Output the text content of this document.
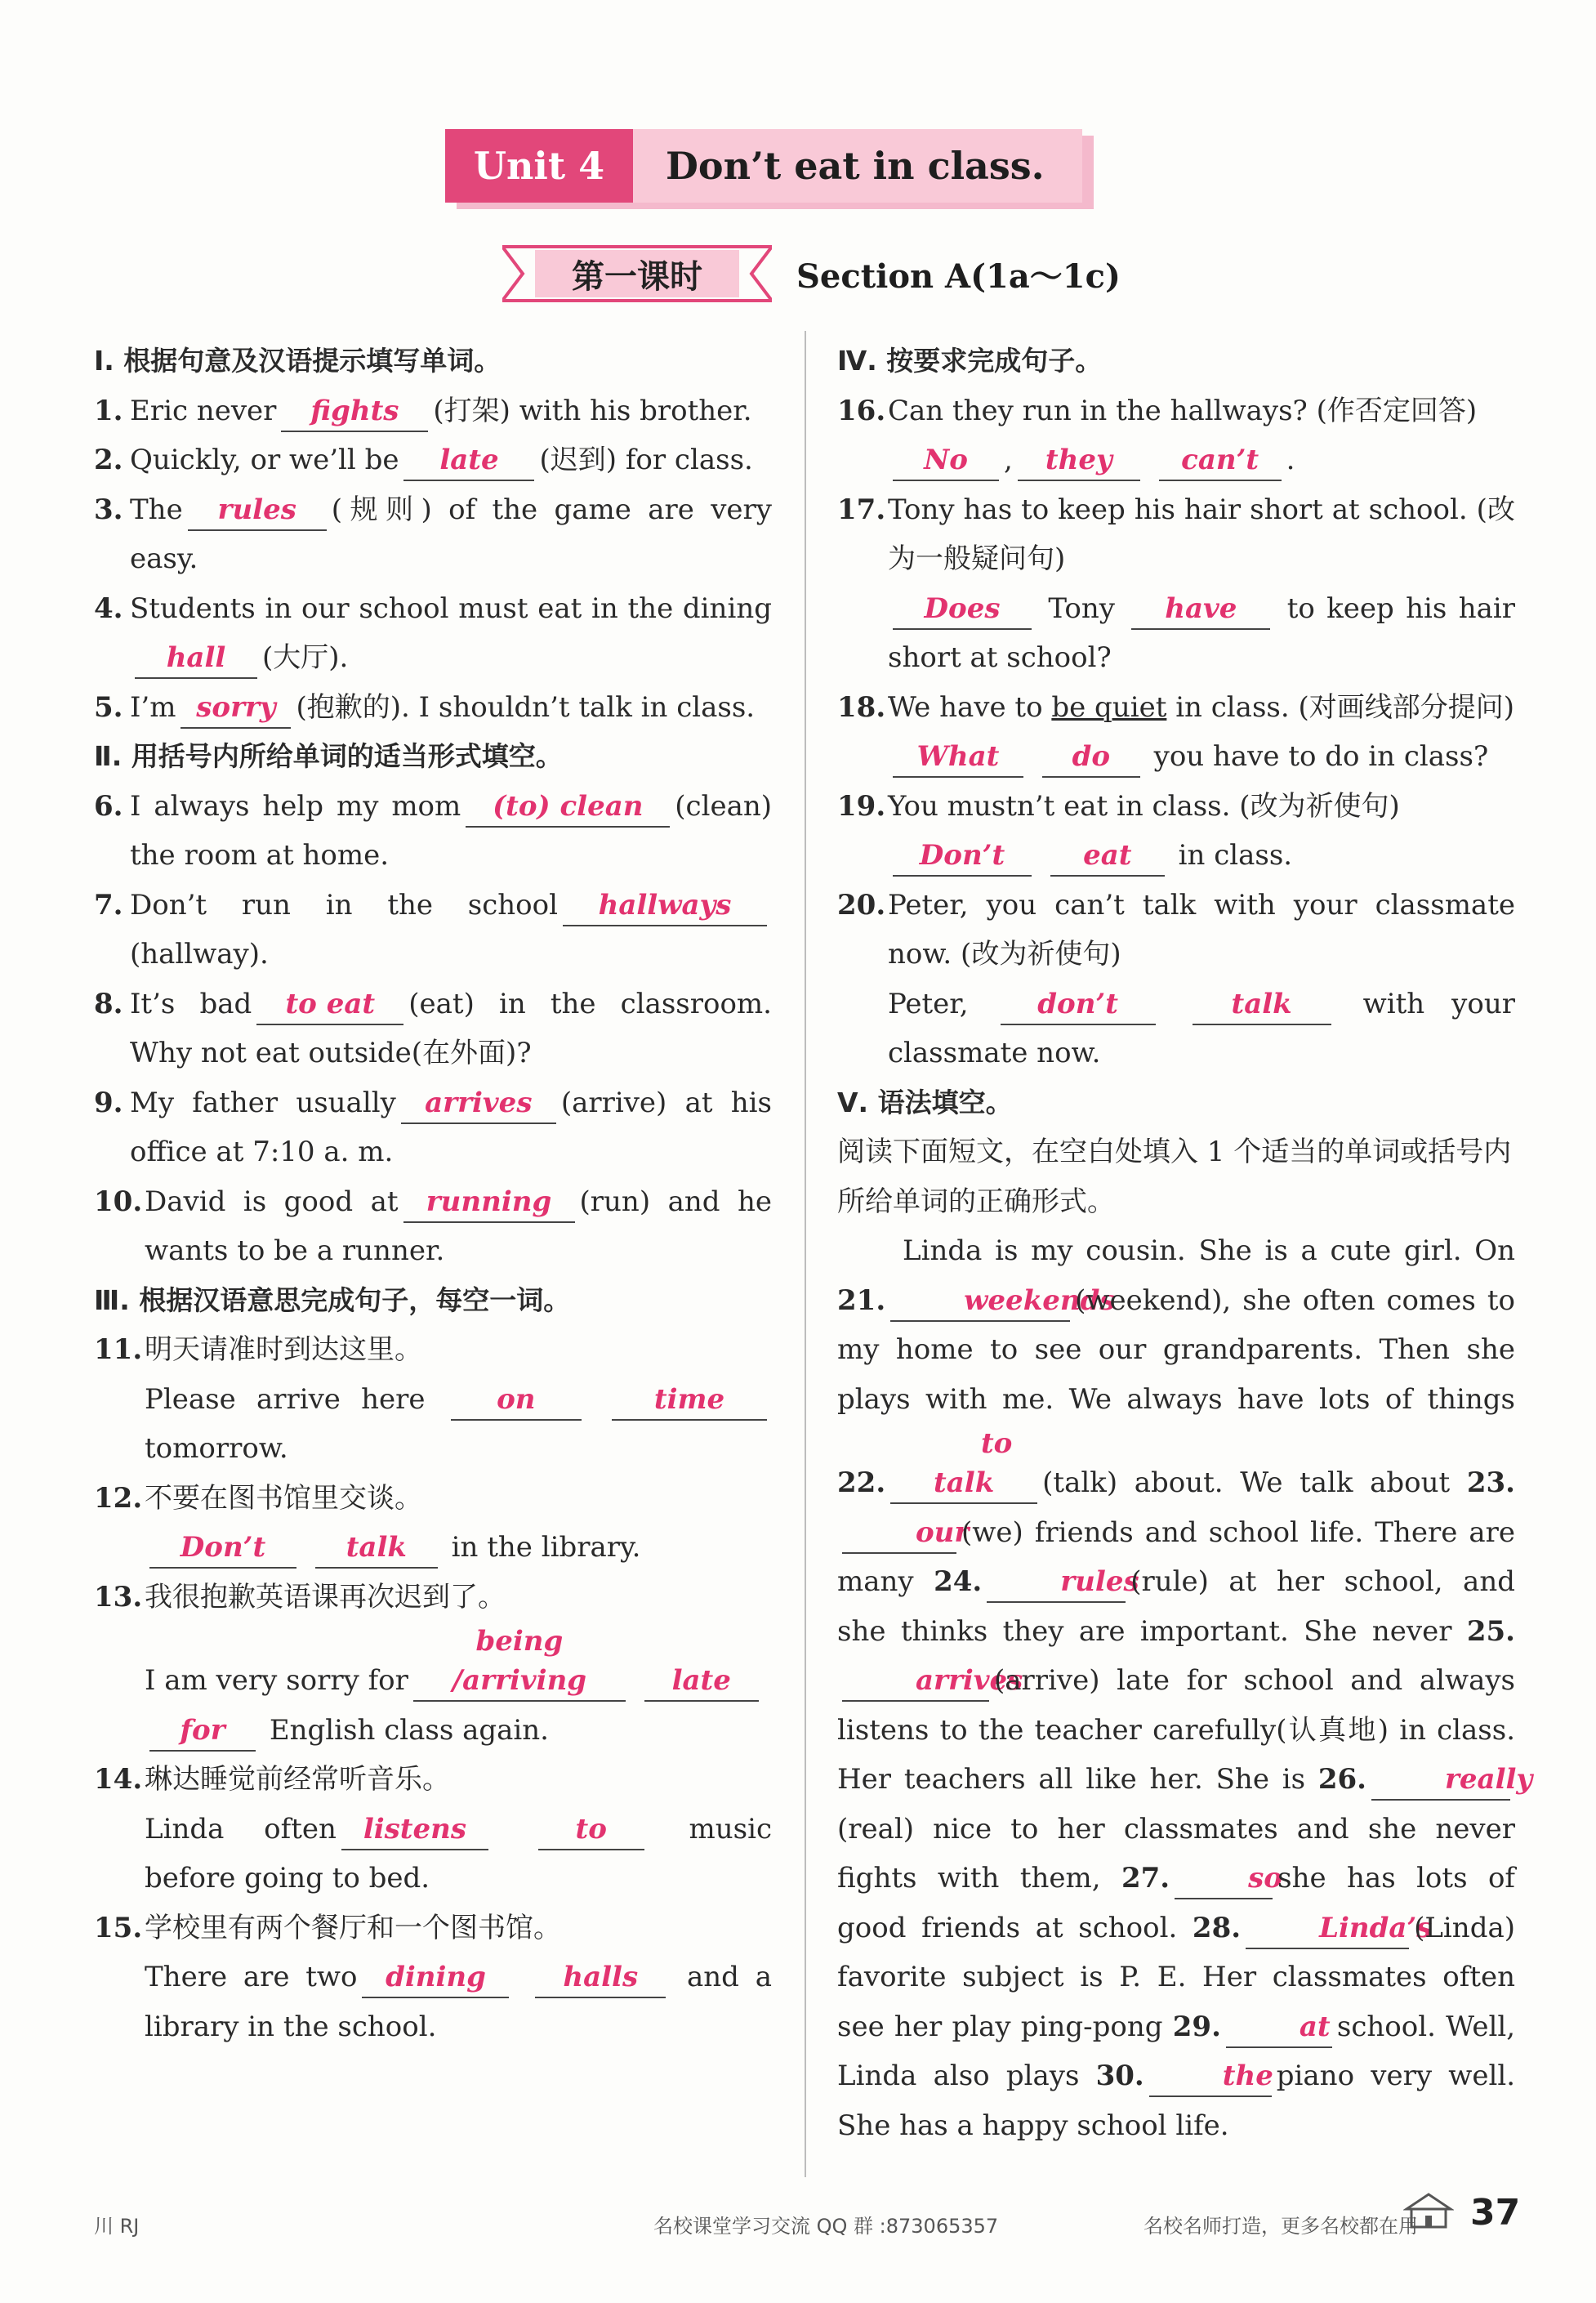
Unit 4	Don’t eat in class.
第一课时	Section A(1a～1c)
Ⅰ. 根据句意及汉语提示填写单词。
1. Eric never fights (打架) with his brother.
2. Quickly, or we’ll be late (迟到) for class.
3. The rules (规则) of the game are very easy.
4. Students in our school must eat in the dininghall (大厅).
5. I’m sorry (抱歉的). I shouldn’t talk in class.
Ⅱ. 用括号内所给单词的适当形式填空。
6. I always help my mom (to) clean (clean) the room at home.
7. Don’t run in the school hallways(hallway).
8. It’s bad to eat (eat) in the classroom. Why not eat outside(在外面)?
9. My father usually arrives (arrive) at his office at 7:10 a. m.
10. David is good at running (run) and he wants to be a runner.
Ⅲ. 根据汉语意思完成句子，每空一词。
11. 明天请准时到达这里。
Please arrive here	on	time tomorrow.
12. 不要在图书馆里交谈。
Don’t	talk in the library.
13. 我很抱歉英语课再次迟到了。
I am very sorry forbeing /arriving	late
for English class again.
14. 琳达睡觉前经常听音乐。
Linda often listens	to	music before going to bed.
15. 学校里有两个餐厅和一个图书馆。
There are two dining	halls and a library in the school.
Ⅳ. 按要求完成句子。
16. Can they run in the hallways? (作否定回答)
No , they can’t .
17. Tony has to keep his hair short at school. (改为一般疑问句)
Does Tony have to keep his hair short at school?
18. We have to be quiet in class. (对画线部分提问)
What	do you have to do in class?
19. You mustn’t eat in class. (改为祈使句)
Don’t	eat in class.
20. Peter, you can’t talk with your classmate now. (改为祈使句)
Peter, don’t	talk	with your classmate now.
Ⅴ. 语法填空。
阅读下面短文，在空白处填入 1 个适当的单词或括号内所给单词的正确形式。
Linda is my cousin. She is a cute girl. On 21.	weekends(weekend), she often comes to my home to see our grandparents. Then she plays with me. We always have lots of things 22.to talk (talk) about. We talk about 23.our(we) friends and school life. There are many 24.	rules(rule) at her school, and she thinks they are important. She never 25.arrives(arrive) late for school and always listens to the teacher carefully(认真地) in class. Her teachers all like her. She is 26.	really(real) nice to her classmates and she never fights with them, 27.	soshe has lots of good friends at school. 28.	Linda’s(Linda) favorite subject is P. E. Her classmates often see her play ping-pong 29.	at school. Well, Linda also plays 30.	the piano very well. She has a happy school life.
川 RJ	名校课堂学习交流 QQ 群 :873065357	名校名师打造，更多名校都在用 37
